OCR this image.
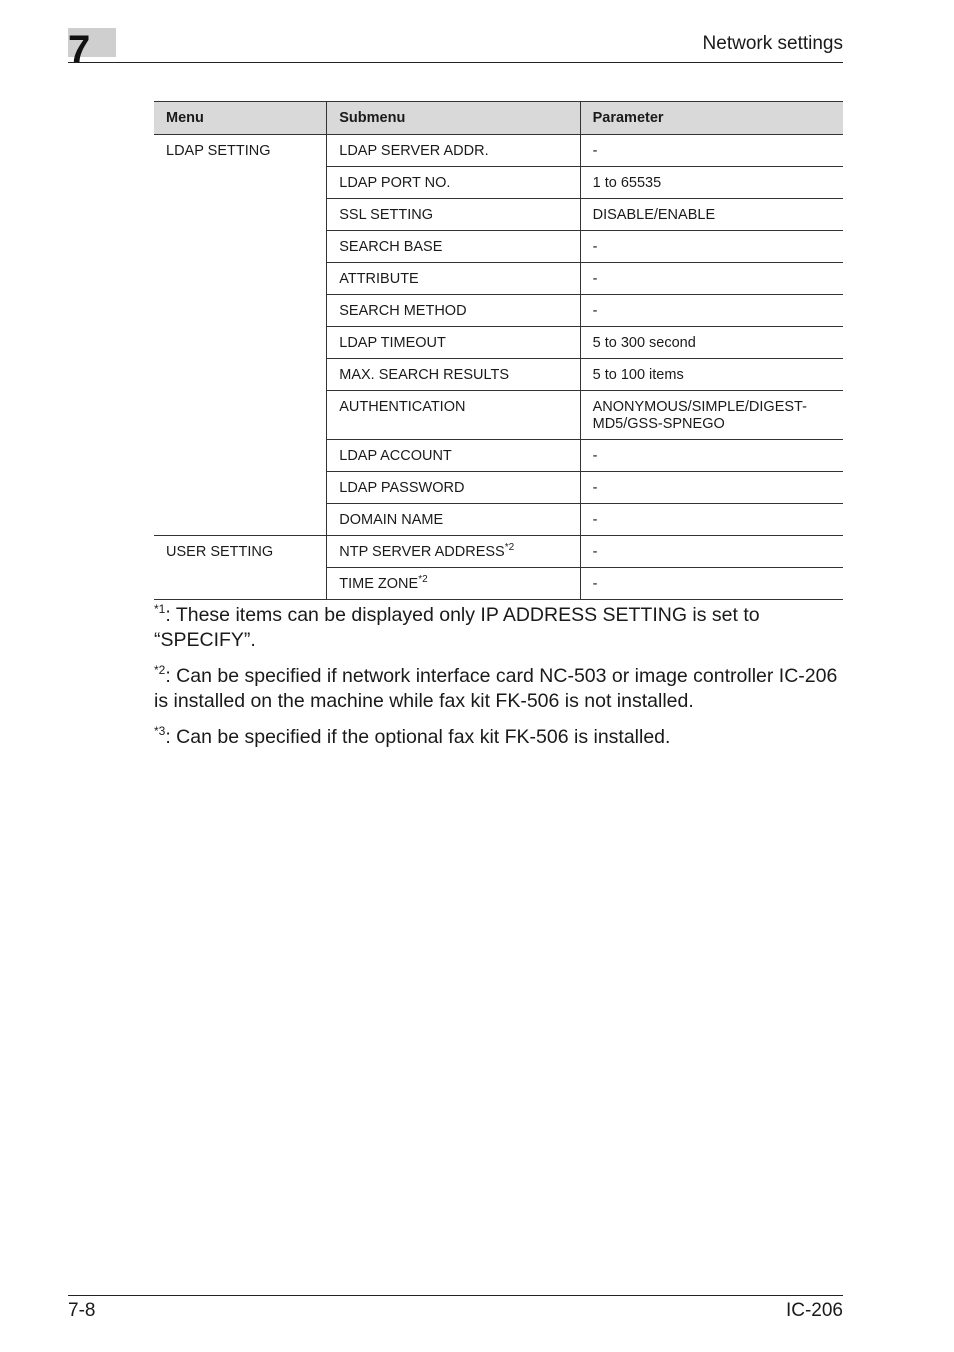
7	Network settings
Menu	Submenu	Parameter
LDAP SETTING	LDAP SERVER ADDR.	-
	LDAP PORT NO.	1 to 65535
	SSL SETTING	DISABLE/ENABLE
	SEARCH BASE	-
	ATTRIBUTE	-
	SEARCH METHOD	-
	LDAP TIMEOUT	5 to 300 second
	MAX. SEARCH RESULTS	5 to 100 items
	AUTHENTICATION	ANONYMOUS/SIMPLE/DIGEST-MD5/GSS-SPNEGO
	LDAP ACCOUNT	-
	LDAP PASSWORD	-
	DOMAIN NAME	-
USER SETTING	NTP SERVER ADDRESS$^{*2}$	-
	TIME ZONE$^{*2}$	-

$^{*1}$: These items can be displayed only IP ADDRESS SETTING is set to “SPECIFY”.

$^{*2}$: Can be specified if network interface card NC-503 or image controller IC-206 is installed on the machine while fax kit FK-506 is not installed.

$^{*3}$: Can be specified if the optional fax kit FK-506 is installed.

7-8	IC-206
